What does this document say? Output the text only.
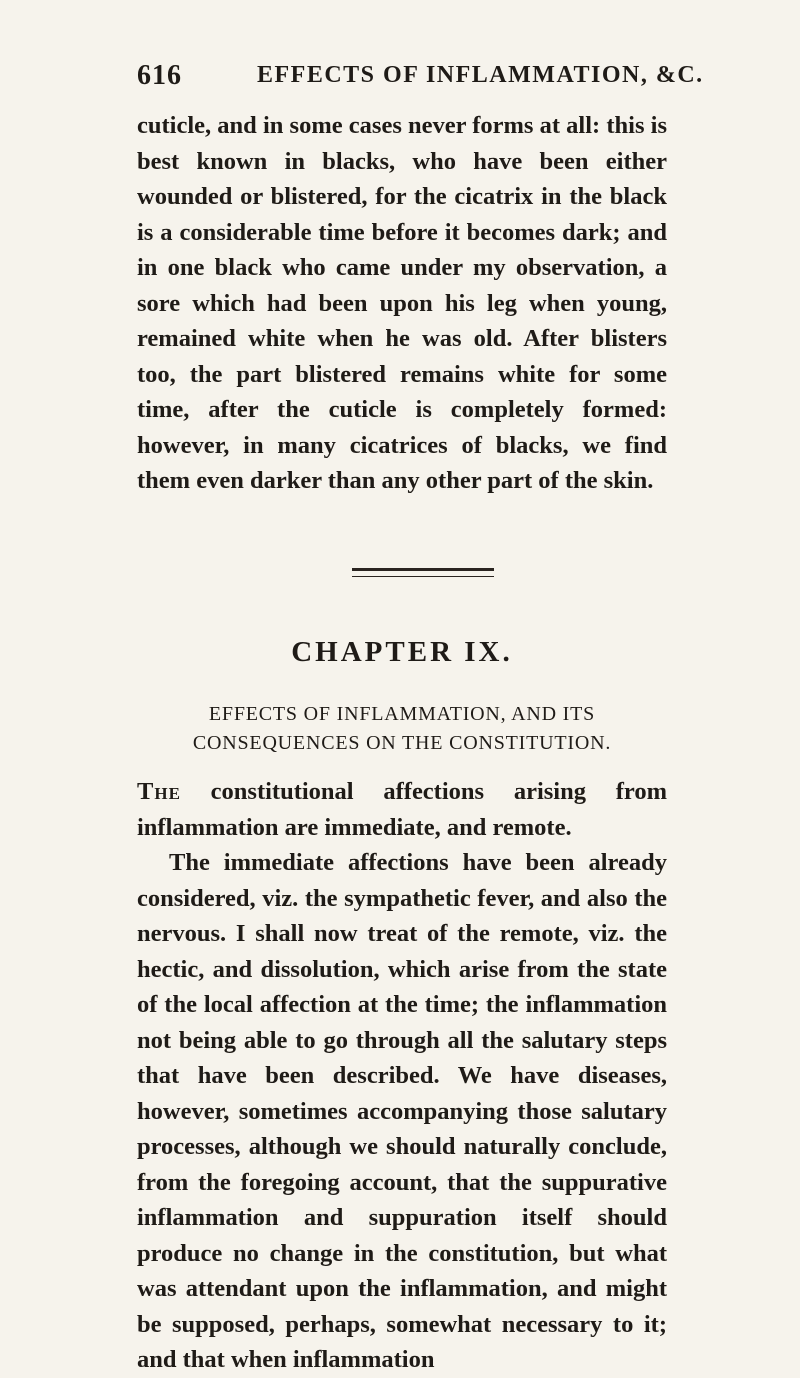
616	EFFECTS OF INFLAMMATION, &C.

cuticle, and in some cases never forms at all: this is best known in blacks, who have been either wounded or blistered, for the cicatrix in the black is a considerable time before it becomes dark; and in one black who came under my observation, a sore which had been upon his leg when young, remained white when he was old. After blisters too, the part blistered remains white for some time, after the cuticle is completely formed: however, in many cicatrices of blacks, we find them even darker than any other part of the skin.

CHAPTER IX.
EFFECTS OF INFLAMMATION, AND ITS CONSEQUENCES ON THE CONSTITUTION.

The constitutional affections arising from inflammation are immediate, and remote.

The immediate affections have been already considered, viz. the sympathetic fever, and also the nervous. I shall now treat of the remote, viz. the hectic, and dissolution, which arise from the state of the local affection at the time; the inflammation not being able to go through all the salutary steps that have been described. We have diseases, however, sometimes accompanying those salutary processes, although we should naturally conclude, from the foregoing account, that the suppurative inflammation and suppuration itself should produce no change in the constitution, but what was attendant upon the inflammation, and might be supposed, perhaps, somewhat necessary to it; and that when inflammation
